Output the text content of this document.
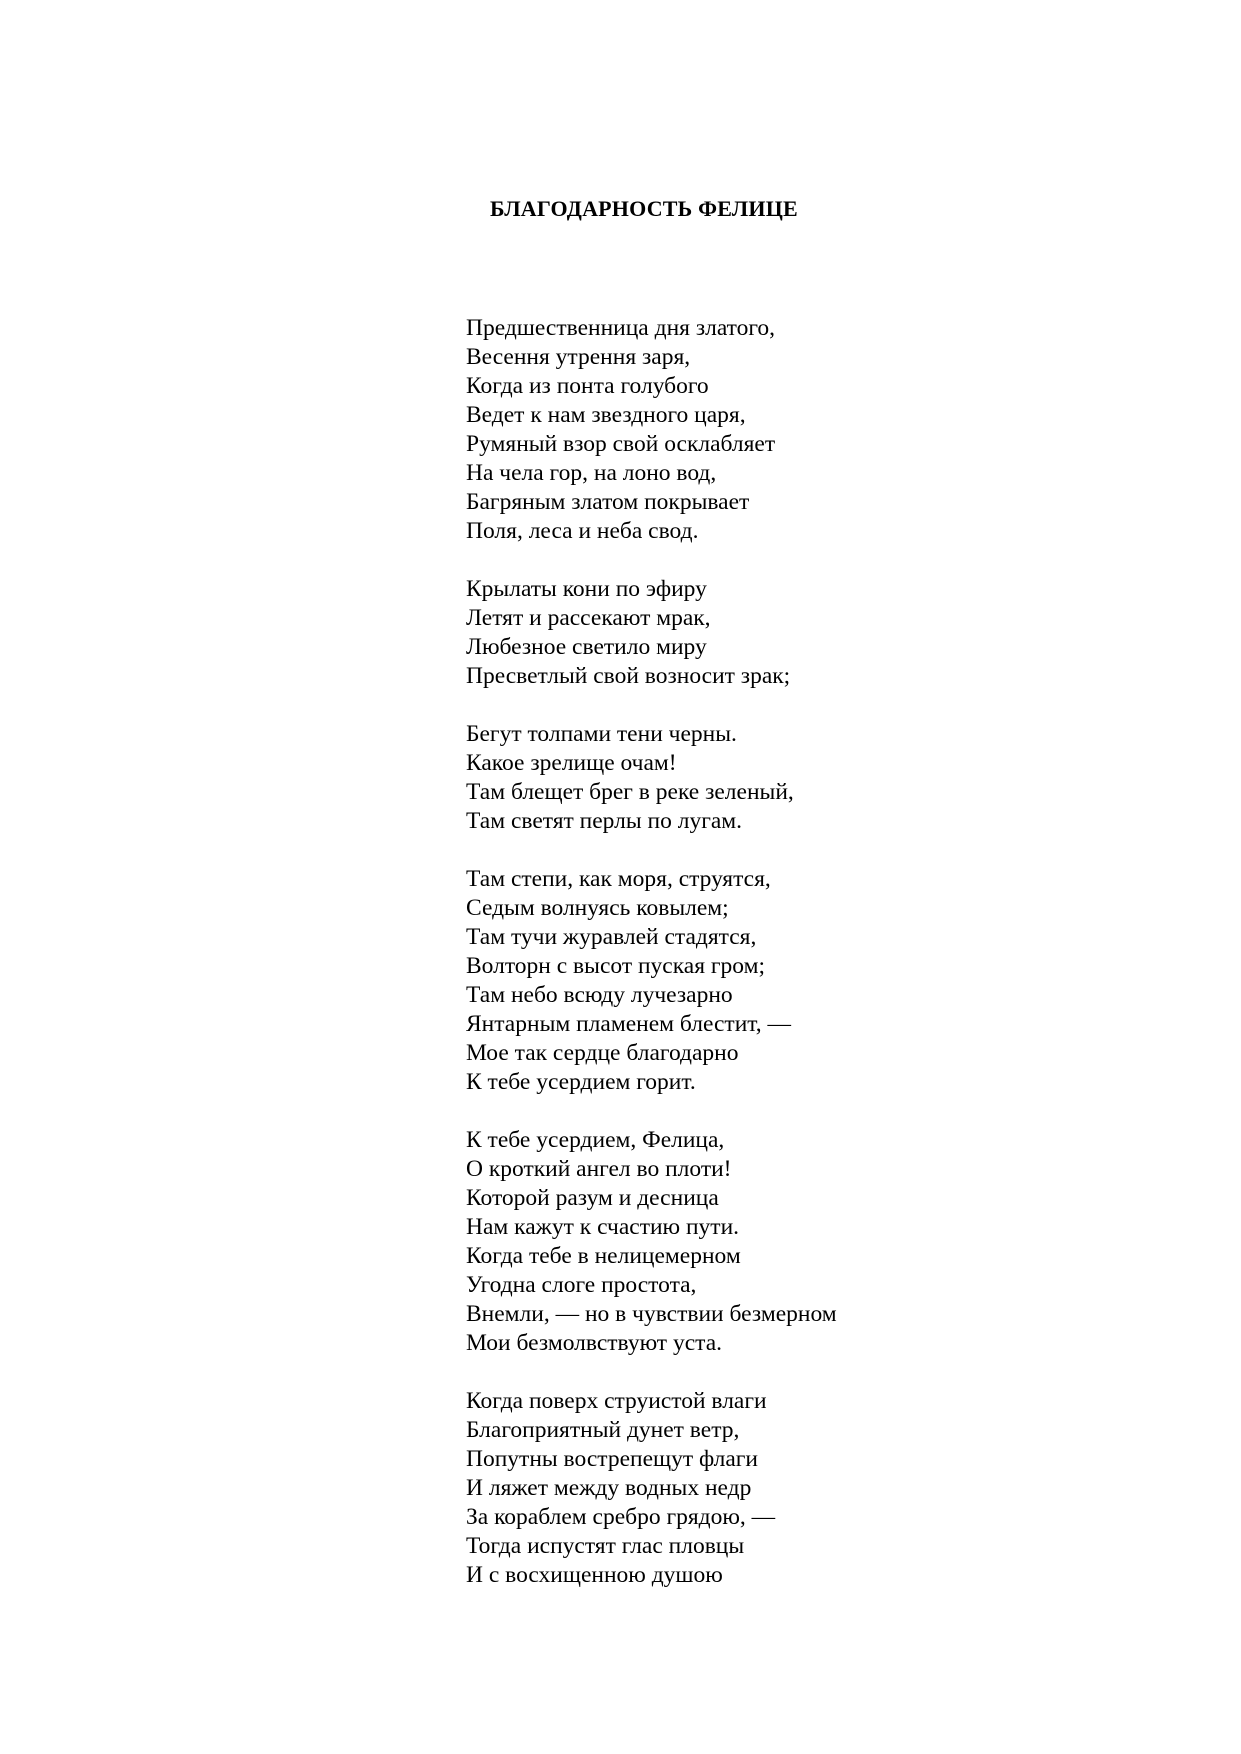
БЛАГОДАРНОСТЬ ФЕЛИЦЕ
Предшественница дня златого,
Весення утрення заря,
Когда из понта голубого
Ведет к нам звездного царя,
Румяный взор свой осклабляет
На чела гор, на лоно вод,
Багряным златом покрывает
Поля, леса и неба свод.
Крылаты кони по эфиру
Летят и рассекают мрак,
Любезное светило миру
Пресветлый свой возносит зрак;
Бегут толпами тени черны.
Какое зрелище очам!
Там блещет брег в реке зеленый,
Там светят перлы по лугам.
Там степи, как моря, струятся,
Седым волнуясь ковылем;
Там тучи журавлей стадятся,
Волторн с высот пуская гром;
Там небо всюду лучезарно
Янтарным пламенем блестит, —
Мое так сердце благодарно
К тебе усердием горит.
К тебе усердием, Фелица,
О кроткий ангел во плоти!
Которой разум и десница
Нам кажут к счастию пути.
Когда тебе в нелицемерном
Угодна слоге простота,
Внемли, — но в чувствии безмерном
Мои безмолвствуют уста.
Когда поверх струистой влаги
Благоприятный дунет ветр,
Попутны вострепещут флаги
И ляжет между водных недр
За кораблем сребро грядою, —
Тогда испустят глас пловцы
И с восхищенною душою
